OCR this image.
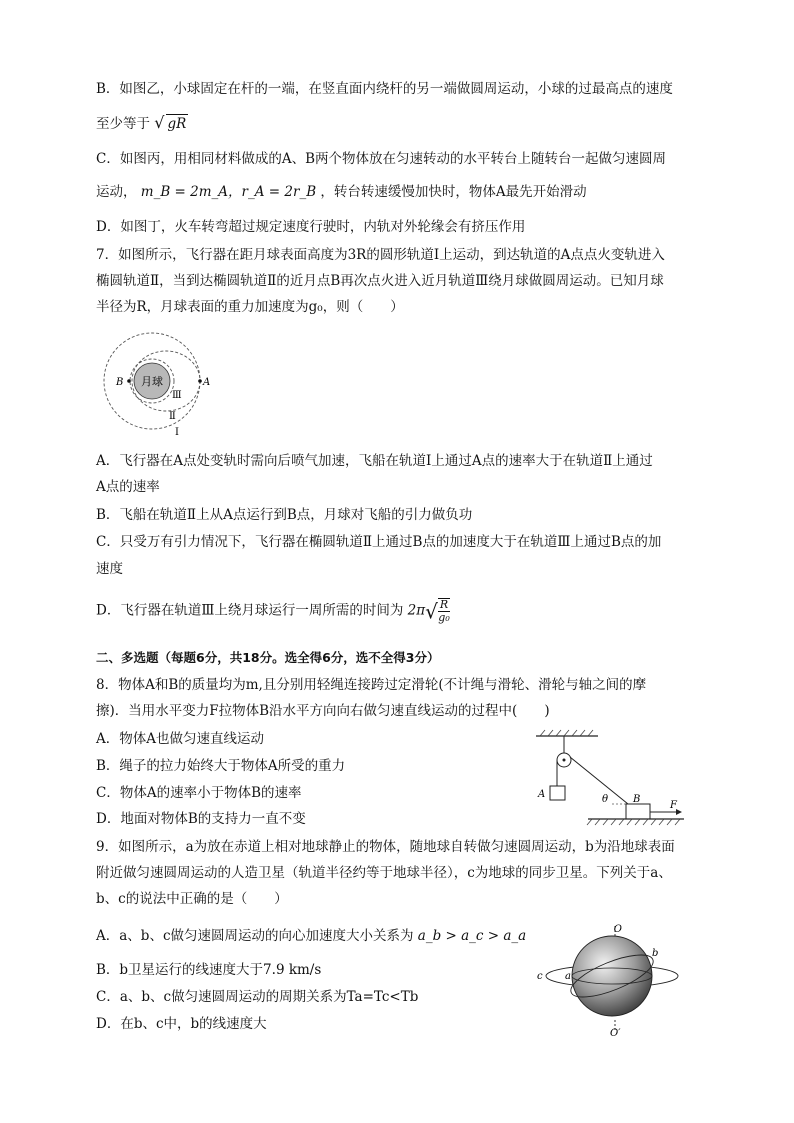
B．如图乙，小球固定在杆的一端，在竖直面内绕杆的另一端做圆周运动，小球的过最高点的速度
至少等于 √ gR
C．如图丙，用相同材料做成的A、B两个物体放在匀速转动的水平转台上随转台一起做匀速圆周
运动， m_B = 2m_A，r_A = 2r_B ，转台转速缓慢加快时，物体A最先开始滑动
D．如图丁，火车转弯超过规定速度行驶时，内轨对外轮缘会有挤压作用
7．如图所示，飞行器在距月球表面高度为3R的圆形轨道Ⅰ上运动，到达轨道的A点点火变轨进入
椭圆轨道Ⅱ，当到达椭圆轨道Ⅱ的近月点B再次点火进入近月轨道Ⅲ绕月球做圆周运动。已知月球
半径为R，月球表面的重力加速度为g₀，则（　　）
月球
B	A
Ⅲ
Ⅱ
Ⅰ
A．飞行器在A点处变轨时需向后喷气加速，飞船在轨道Ⅰ上通过A点的速率大于在轨道Ⅱ上通过
A点的速率
B．飞船在轨道Ⅱ上从A点运行到B点，月球对飞船的引力做负功
C．只受万有引力情况下，飞行器在椭圆轨道Ⅱ上通过B点的加速度大于在轨道Ⅲ上通过B点的加
速度
D．飞行器在轨道Ⅲ上绕月球运行一周所需的时间为 $2\pi√ \frac{R}{\text{g₀}}$
二、多选题（每题6分，共18分。选全得6分，选不全得3分）
8．物体A和B的质量均为m,且分别用轻绳连接跨过定滑轮(不计绳与滑轮、滑轮与轴之间的摩
擦)．当用水平变力F拉物体B沿水平方向向右做匀速直线运动的过程中(　　)
A．物体A也做匀速直线运动
B．绳子的拉力始终大于物体A所受的重力
C．物体A的速率小于物体B的速率
D．地面对物体B的支持力一直不变
A	θ B
F
9．如图所示，a为放在赤道上相对地球静止的物体，随地球自转做匀速圆周运动，b为沿地球表面
附近做匀速圆周运动的人造卫星（轨道半径约等于地球半径），c为地球的同步卫星。下列关于a、
b、c的说法中正确的是（　　）
A．a、b、c做匀速圆周运动的向心加速度大小关系为 a_b > a_c > a_a
B．b卫星运行的线速度大于7.9 km/s
C．a、b、c做匀速圆周运动的周期关系为Ta=Tc<Tb
D．在b、c中，b的线速度大
O
O′
a
b
c
